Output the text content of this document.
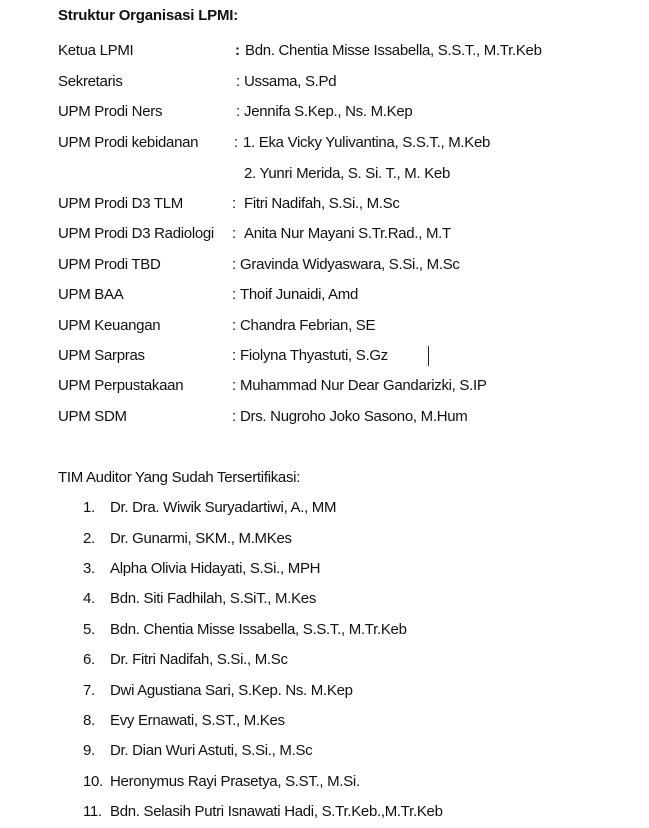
Struktur Organisasi LPMI:
Ketua LPMI	: Bdn. Chentia Misse Issabella, S.S.T., M.Tr.Keb
Sekretaris	: Ussama, S.Pd
UPM Prodi Ners	: Jennifa S.Kep., Ns. M.Kep
UPM Prodi kebidanan : 1. Eka Vicky Yulivantina, S.S.T., M.Keb
2. Yunri Merida, S. Si. T., M. Keb
UPM Prodi D3 TLM	: Fitri Nadifah, S.Si., M.Sc
UPM Prodi D3 Radiologi : Anita Nur Mayani S.Tr.Rad., M.T
UPM Prodi TBD	: Gravinda Widyaswara, S.Si., M.Sc
UPM BAA	: Thoif Junaidi, Amd
UPM Keuangan	: Chandra Febrian, SE
UPM Sarpras	: Fiolyna Thyastuti, S.Gz
UPM Perpustakaan	: Muhammad Nur Dear Gandarizki, S.IP
UPM SDM	: Drs. Nugroho Joko Sasono, M.Hum
TIM Auditor Yang Sudah Tersertifikasi:
1. Dr. Dra. Wiwik Suryadartiwi, A., MM
2. Dr. Gunarmi, SKM., M.MKes
3. Alpha Olivia Hidayati, S.Si., MPH
4. Bdn. Siti Fadhilah, S.SiT., M.Kes
5. Bdn. Chentia Misse Issabella, S.S.T., M.Tr.Keb
6. Dr. Fitri Nadifah, S.Si., M.Sc
7. Dwi Agustiana Sari, S.Kep. Ns. M.Kep
8. Evy Ernawati, S.ST., M.Kes
9. Dr. Dian Wuri Astuti, S.Si., M.Sc
10. Heronymus Rayi Prasetya, S.ST., M.Si.
11. Bdn. Selasih Putri Isnawati Hadi, S.Tr.Keb.,M.Tr.Keb
